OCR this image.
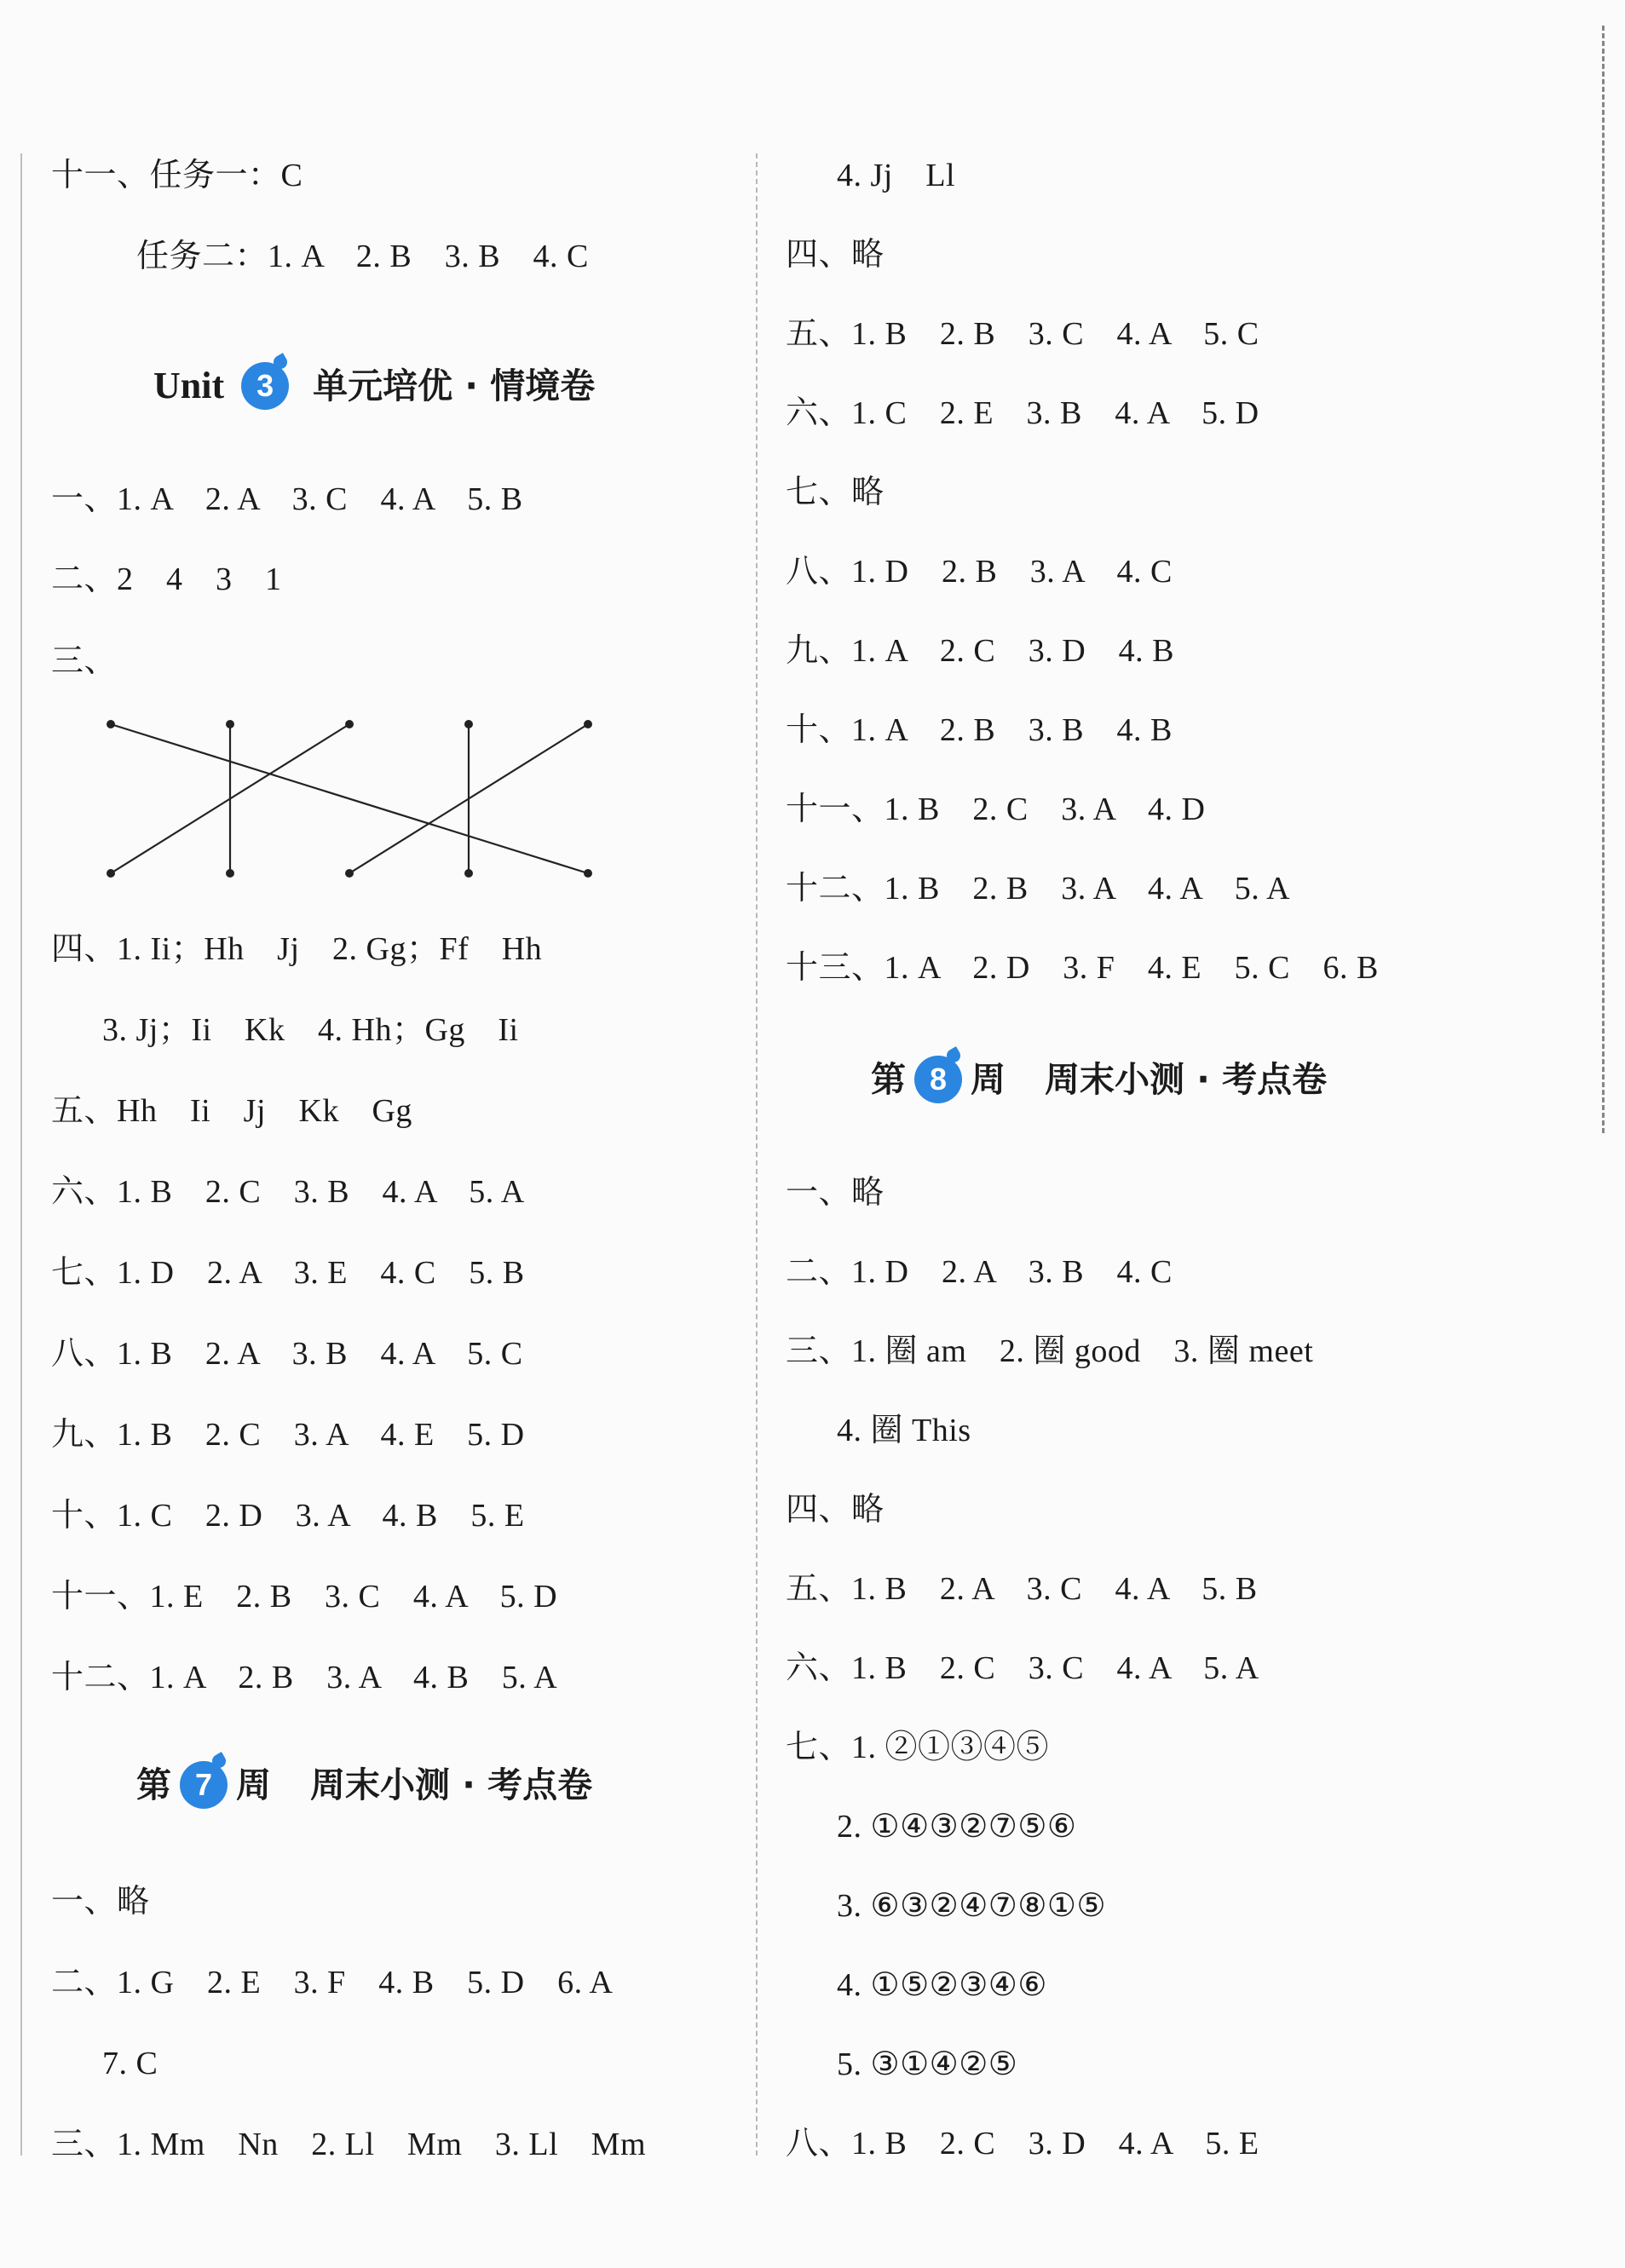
十一、任务一：C
任务二：1. A　2. B　3. B　4. C
Unit	3	单元培优 · 情境卷
一、1. A　2. A　3. C　4. A　5. B
二、2　4　3　1
三、
四、1. Ii；Hh　Jj　2. Gg；Ff　Hh
3. Jj；Ii　Kk　4. Hh；Gg　Ii
五、Hh　Ii　Jj　Kk　Gg
六、1. B　2. C　3. B　4. A　5. A
七、1. D　2. A　3. E　4. C　5. B
八、1. B　2. A　3. B　4. A　5. C
九、1. B　2. C　3. A　4. E　5. D
十、1. C　2. D　3. A　4. B　5. E
十一、1. E　2. B　3. C　4. A　5. D
十二、1. A　2. B　3. A　4. B　5. A
第 7 周 周末小测 · 考点卷
一、略
二、1. G　2. E　3. F　4. B　5. D　6. A
7. C
三、1. Mm　Nn　2. Ll　Mm　3. Ll　Mm
4. Jj　Ll
四、略
五、1. B　2. B　3. C　4. A　5. C
六、1. C　2. E　3. B　4. A　5. D
七、略
八、1. D　2. B　3. A　4. C
九、1. A　2. C　3. D　4. B
十、1. A　2. B　3. B　4. B
十一、1. B　2. C　3. A　4. D
十二、1. B　2. B　3. A　4. A　5. A
十三、1. A　2. D　3. F　4. E　5. C　6. B
第 8 周 周末小测 · 考点卷
一、略
二、1. D　2. A　3. B　4. C
三、1. 圈 am　2. 圈 good　3. 圈 meet
4. 圈 This
四、略
五、1. B　2. A　3. C　4. A　5. B
六、1. B　2. C　3. C　4. A　5. A
七、1. ②①③④⑤
2. ①④③②⑦⑤⑥
3. ⑥③②④⑦⑧①⑤
4. ①⑤②③④⑥
5. ③①④②⑤
八、1. B　2. C　3. D　4. A　5. E
